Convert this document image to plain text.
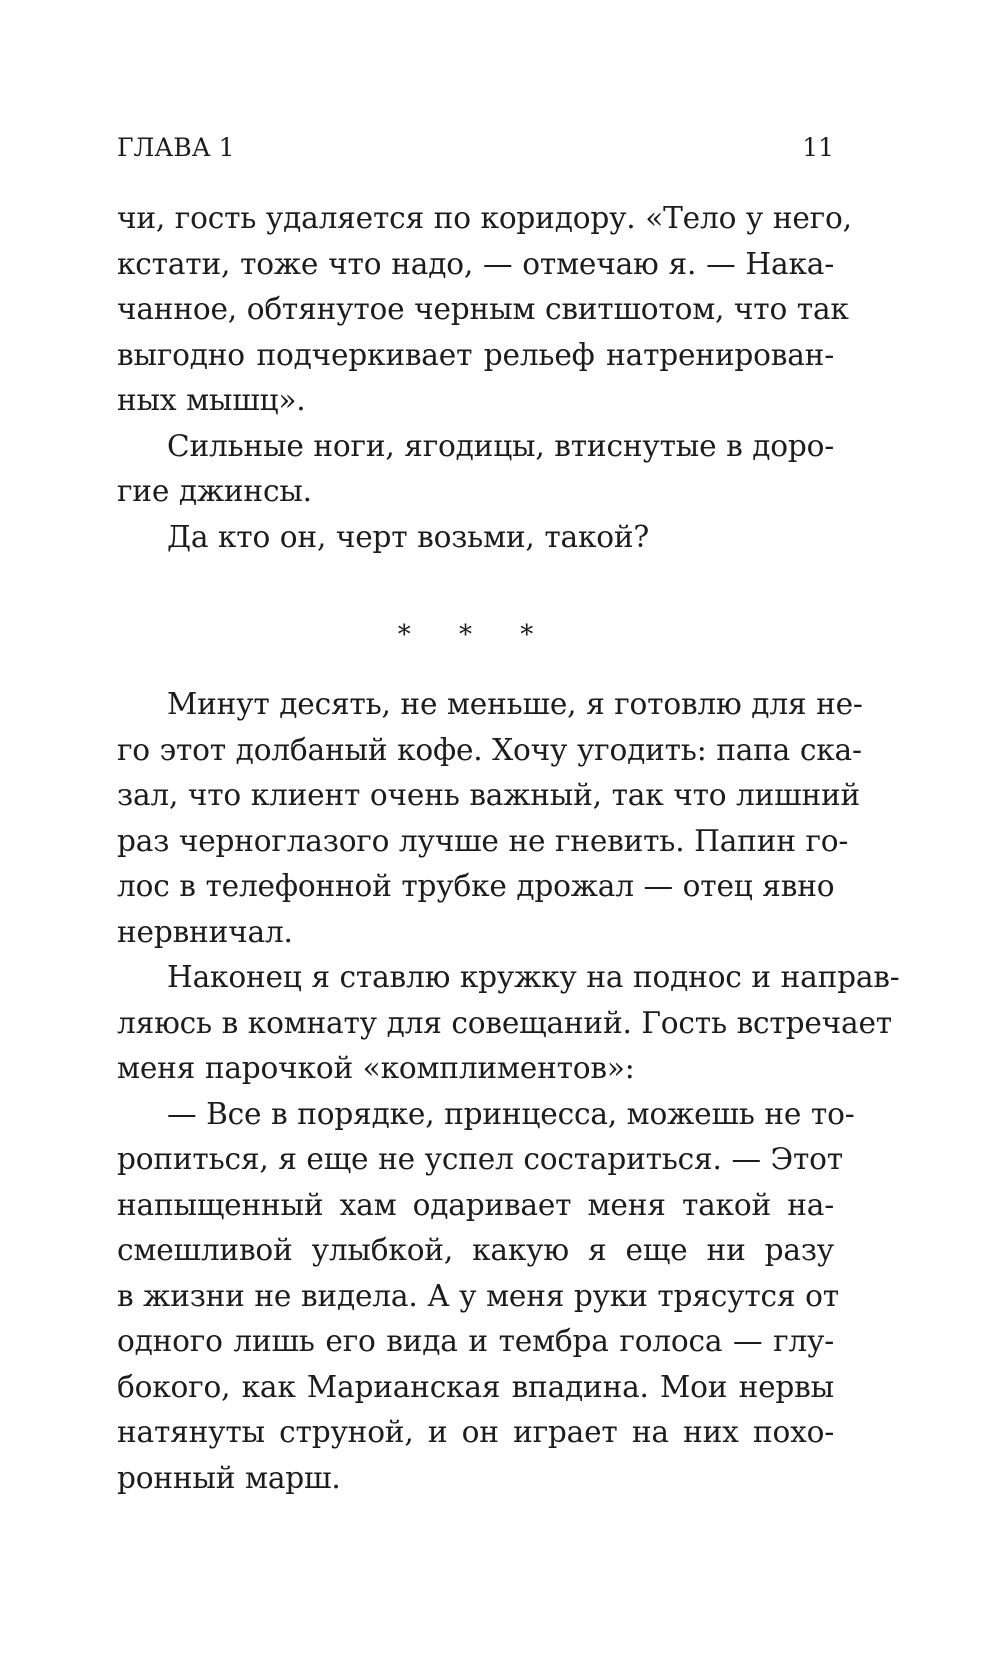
ГЛАВА 1	11

чи, гость удаляется по коридору. «Тело у него,
кстати, тоже что надо, — отмечаю я. — Нака-
чанное, обтянутое черным свитшотом, что так
выгодно подчеркивает рельеф натренирован-
ных мышц».

Сильные ноги, ягодицы, втиснутые в доро-
гие джинсы.

Да кто он, черт возьми, такой?

* * *

Минут десять, не меньше, я готовлю для не-
го этот долбаный кофе. Хочу угодить: папа ска-
зал, что клиент очень важный, так что лишний
раз черноглазого лучше не гневить. Папин го-
лос в телефонной трубке дрожал — отец явно
нервничал.

Наконец я ставлю кружку на поднос и направ-
ляюсь в комнату для совещаний. Гость встречает
меня парочкой «комплиментов»:

— Все в порядке, принцесса, можешь не то-
ропиться, я еще не успел состариться. — Этот
напыщенный хам одаривает меня такой на-
смешливой улыбкой, какую я еще ни разу
в жизни не видела. А у меня руки трясутся от
одного лишь его вида и тембра голоса — глу-
бокого, как Марианская впадина. Мои нервы
натянуты струной, и он играет на них похо-
ронный марш.
